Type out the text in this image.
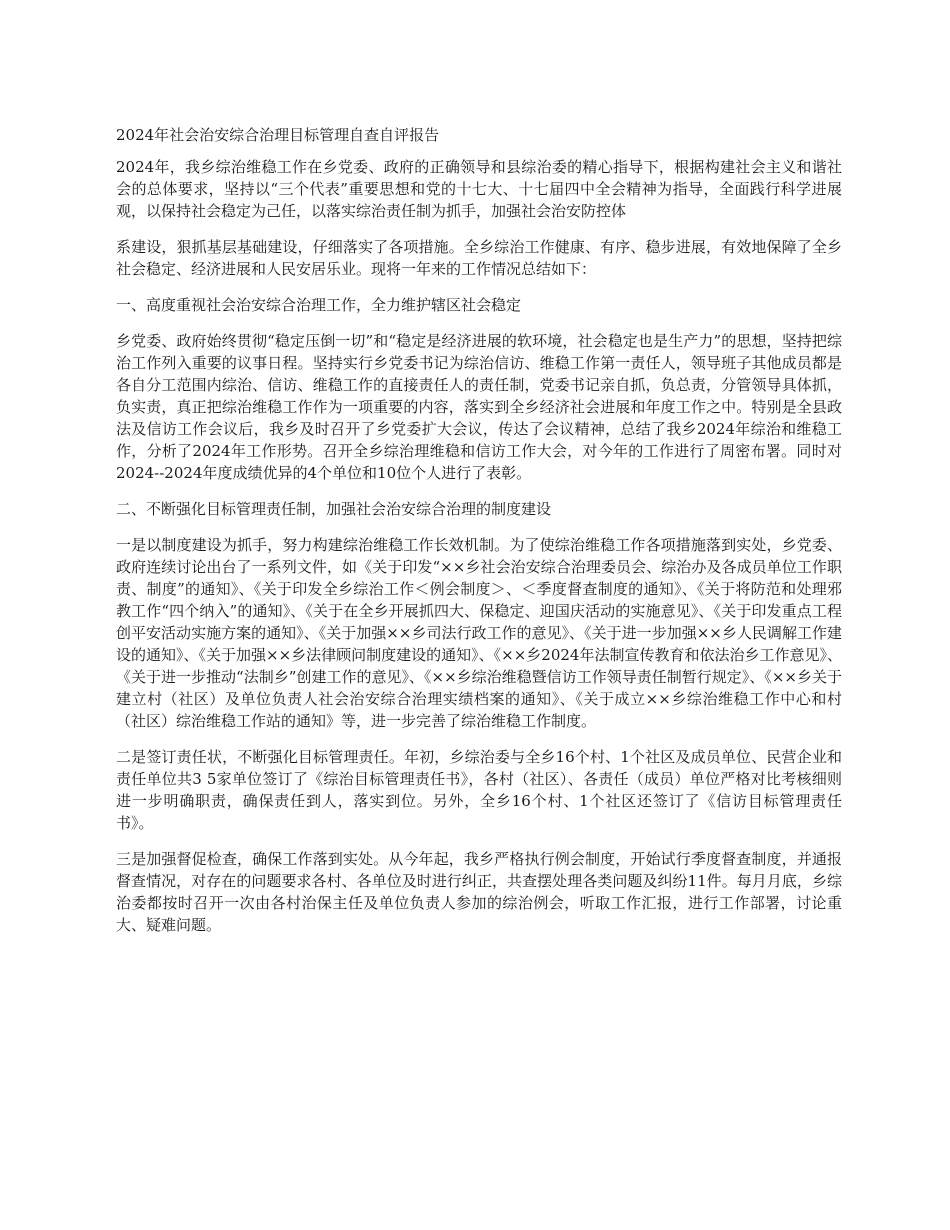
2024年社会治安综合治理目标管理自查自评报告

2024年，我乡综治维稳工作在乡党委、政府的正确领导和县综治委的精心指导下，根据构建社会主义和谐社会的总体要求，坚持以“三个代表”重要思想和党的十七大、十七届四中全会精神为指导，全面践行科学进展观，以保持社会稳定为己任，以落实综治责任制为抓手，加强社会治安防控体

系建设，狠抓基层基础建设，仔细落实了各项措施。全乡综治工作健康、有序、稳步进展，有效地保障了全乡社会稳定、经济进展和人民安居乐业。现将一年来的工作情况总结如下：

一、高度重视社会治安综合治理工作，全力维护辖区社会稳定

乡党委、政府始终贯彻“稳定压倒一切”和“稳定是经济进展的软环境，社会稳定也是生产力”的思想，坚持把综治工作列入重要的议事日程。坚持实行乡党委书记为综治信访、维稳工作第一责任人，领导班子其他成员都是各自分工范围内综治、信访、维稳工作的直接责任人的责任制，党委书记亲自抓，负总责，分管领导具体抓，负实责，真正把综治维稳工作作为一项重要的内容，落实到全乡经济社会进展和年度工作之中。特别是全县政法及信访工作会议后，我乡及时召开了乡党委扩大会议，传达了会议精神，总结了我乡2024年综治和维稳工作，分析了2024年工作形势。召开全乡综治理维稳和信访工作大会，对今年的工作进行了周密布署。同时对2024--2024年度成绩优异的4个单位和10位个人进行了表彰。

二、不断强化目标管理责任制，加强社会治安综合治理的制度建设

一是以制度建设为抓手，努力构建综治维稳工作长效机制。为了使综治维稳工作各项措施落到实处，乡党委、政府连续讨论出台了一系列文件，如《关于印发“××乡社会治安综合治理委员会、综治办及各成员单位工作职责、制度”的通知》、《关于印发全乡综治工作＜例会制度＞、＜季度督查制度的通知》、《关于将防范和处理邪教工作“四个纳入”的通知》、《关于在全乡开展抓四大、保稳定、迎国庆活动的实施意见》、《关于印发重点工程创平安活动实施方案的通知》、《关于加强××乡司法行政工作的意见》、《关于进一步加强××乡人民调解工作建设的通知》、《关于加强××乡法律顾问制度建设的通知》、《××乡2024年法制宣传教育和依法治乡工作意见》、《关于进一步推动“法制乡”创建工作的意见》、《××乡综治维稳暨信访工作领导责任制暂行规定》、《××乡关于建立村（社区）及单位负责人社会治安综合治理实绩档案的通知》、《关于成立××乡综治维稳工作中心和村（社区）综治维稳工作站的通知》等，进一步完善了综治维稳工作制度。

二是签订责任状，不断强化目标管理责任。年初，乡综治委与全乡16个村、1个社区及成员单位、民营企业和责任单位共3 5家单位签订了《综治目标管理责任书》，各村（社区）、各责任（成员）单位严格对比考核细则进一步明确职责，确保责任到人，落实到位。另外，全乡16个村、1个社区还签订了《信访目标管理责任书》。

三是加强督促检查，确保工作落到实处。从今年起，我乡严格执行例会制度，开始试行季度督查制度，并通报督查情况，对存在的问题要求各村、各单位及时进行纠正，共查摆处理各类问题及纠纷11件。每月月底，乡综治委都按时召开一次由各村治保主任及单位负责人参加的综治例会，听取工作汇报，进行工作部署，讨论重大、疑难问题。
